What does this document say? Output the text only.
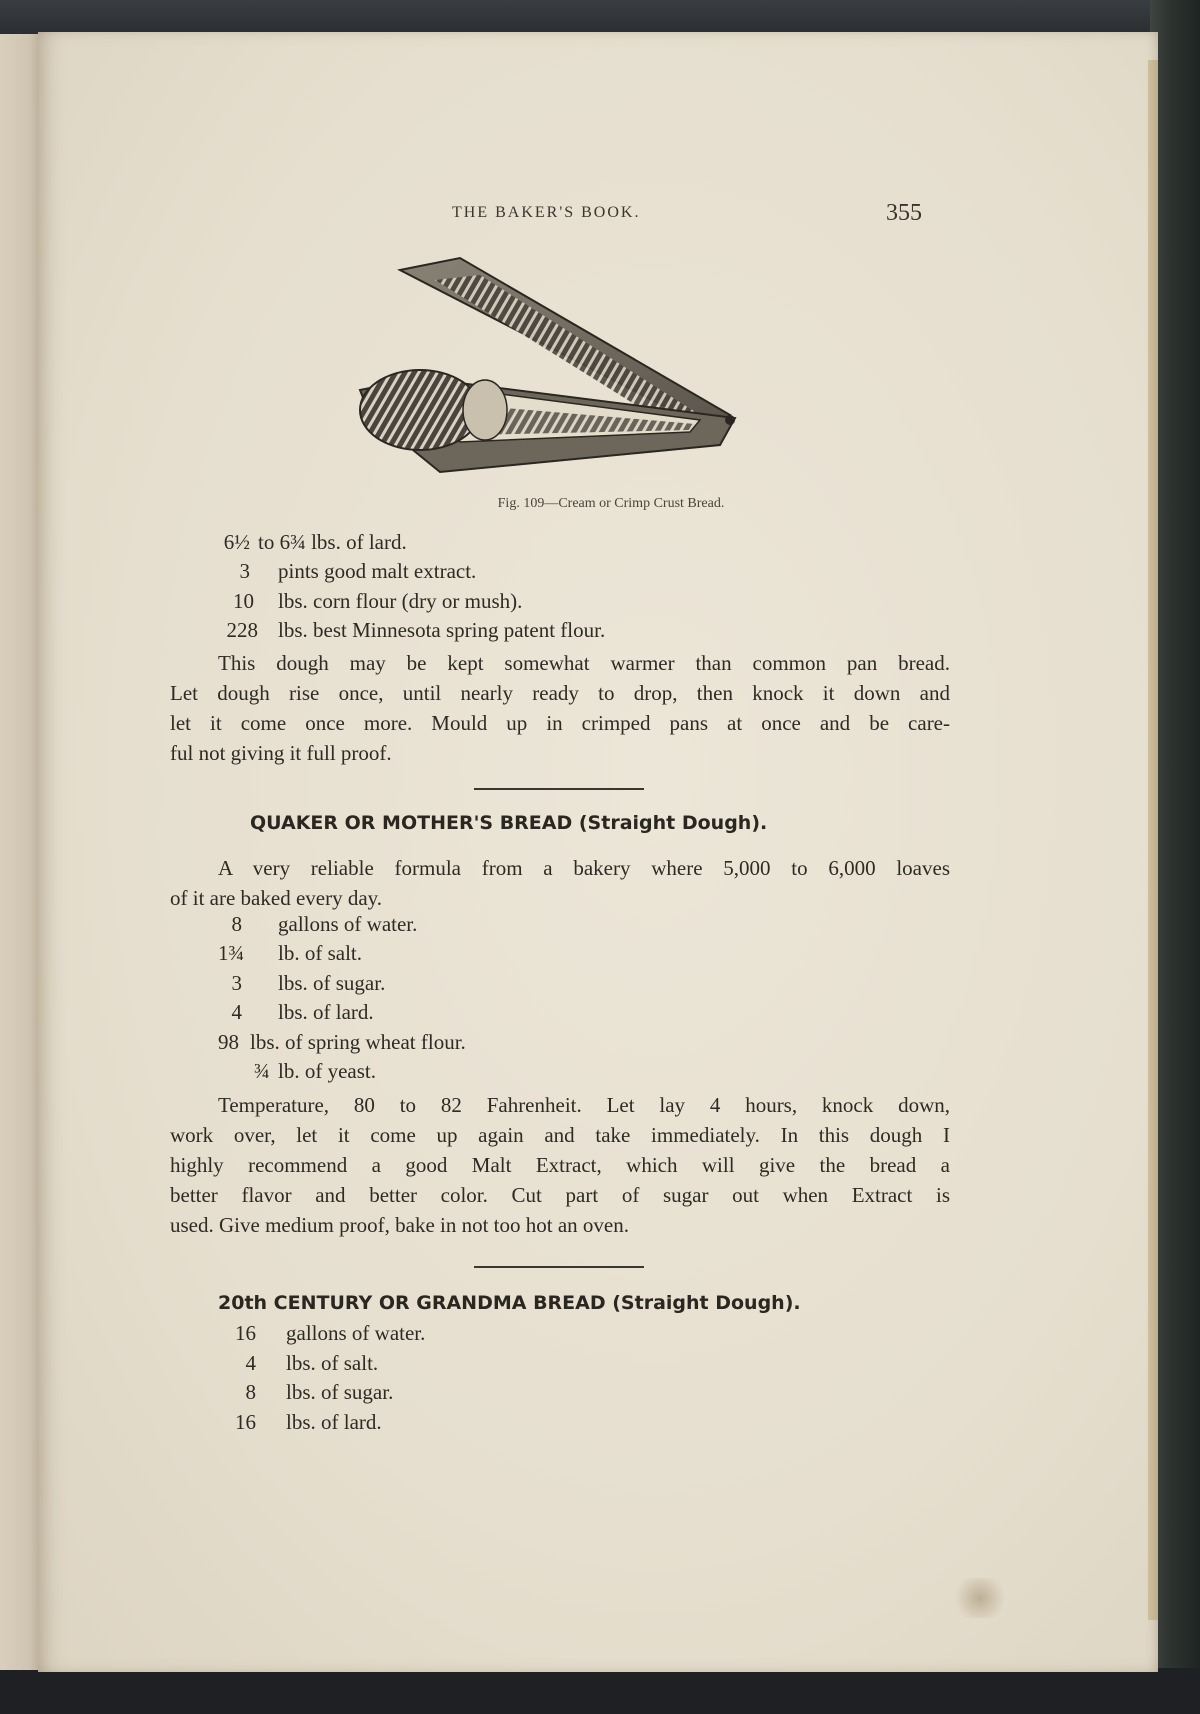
THE BAKER'S BOOK.	355
Fig. 109—Cream or Crimp Crust Bread.
6½ to 6¾ lbs. of lard.
3 pints good malt extract.
10 lbs. corn flour (dry or mush).
228 lbs. best Minnesota spring patent flour.
This dough may be kept somewhat warmer than common pan bread.
Let dough rise once, until nearly ready to drop, then knock it down and
let it come once more. Mould up in crimped pans at once and be care-
ful not giving it full proof.
QUAKER OR MOTHER'S BREAD (Straight Dough).
A very reliable formula from a bakery where 5,000 to 6,000 loaves
of it are baked every day.
8 gallons of water.
1¾	lb. of salt.
3 lbs. of sugar.
4 lbs. of lard.
98 lbs. of spring wheat flour.
¾ lb. of yeast.
Temperature, 80 to 82 Fahrenheit. Let lay 4 hours, knock down,
work over, let it come up again and take immediately. In this dough I
highly recommend a good Malt Extract, which will give the bread a
better flavor and better color. Cut part of sugar out when Extract is
used. Give medium proof, bake in not too hot an oven.
20th CENTURY OR GRANDMA BREAD (Straight Dough).
16 gallons of water.
4 lbs. of salt.
8 lbs. of sugar.
16 lbs. of lard.
